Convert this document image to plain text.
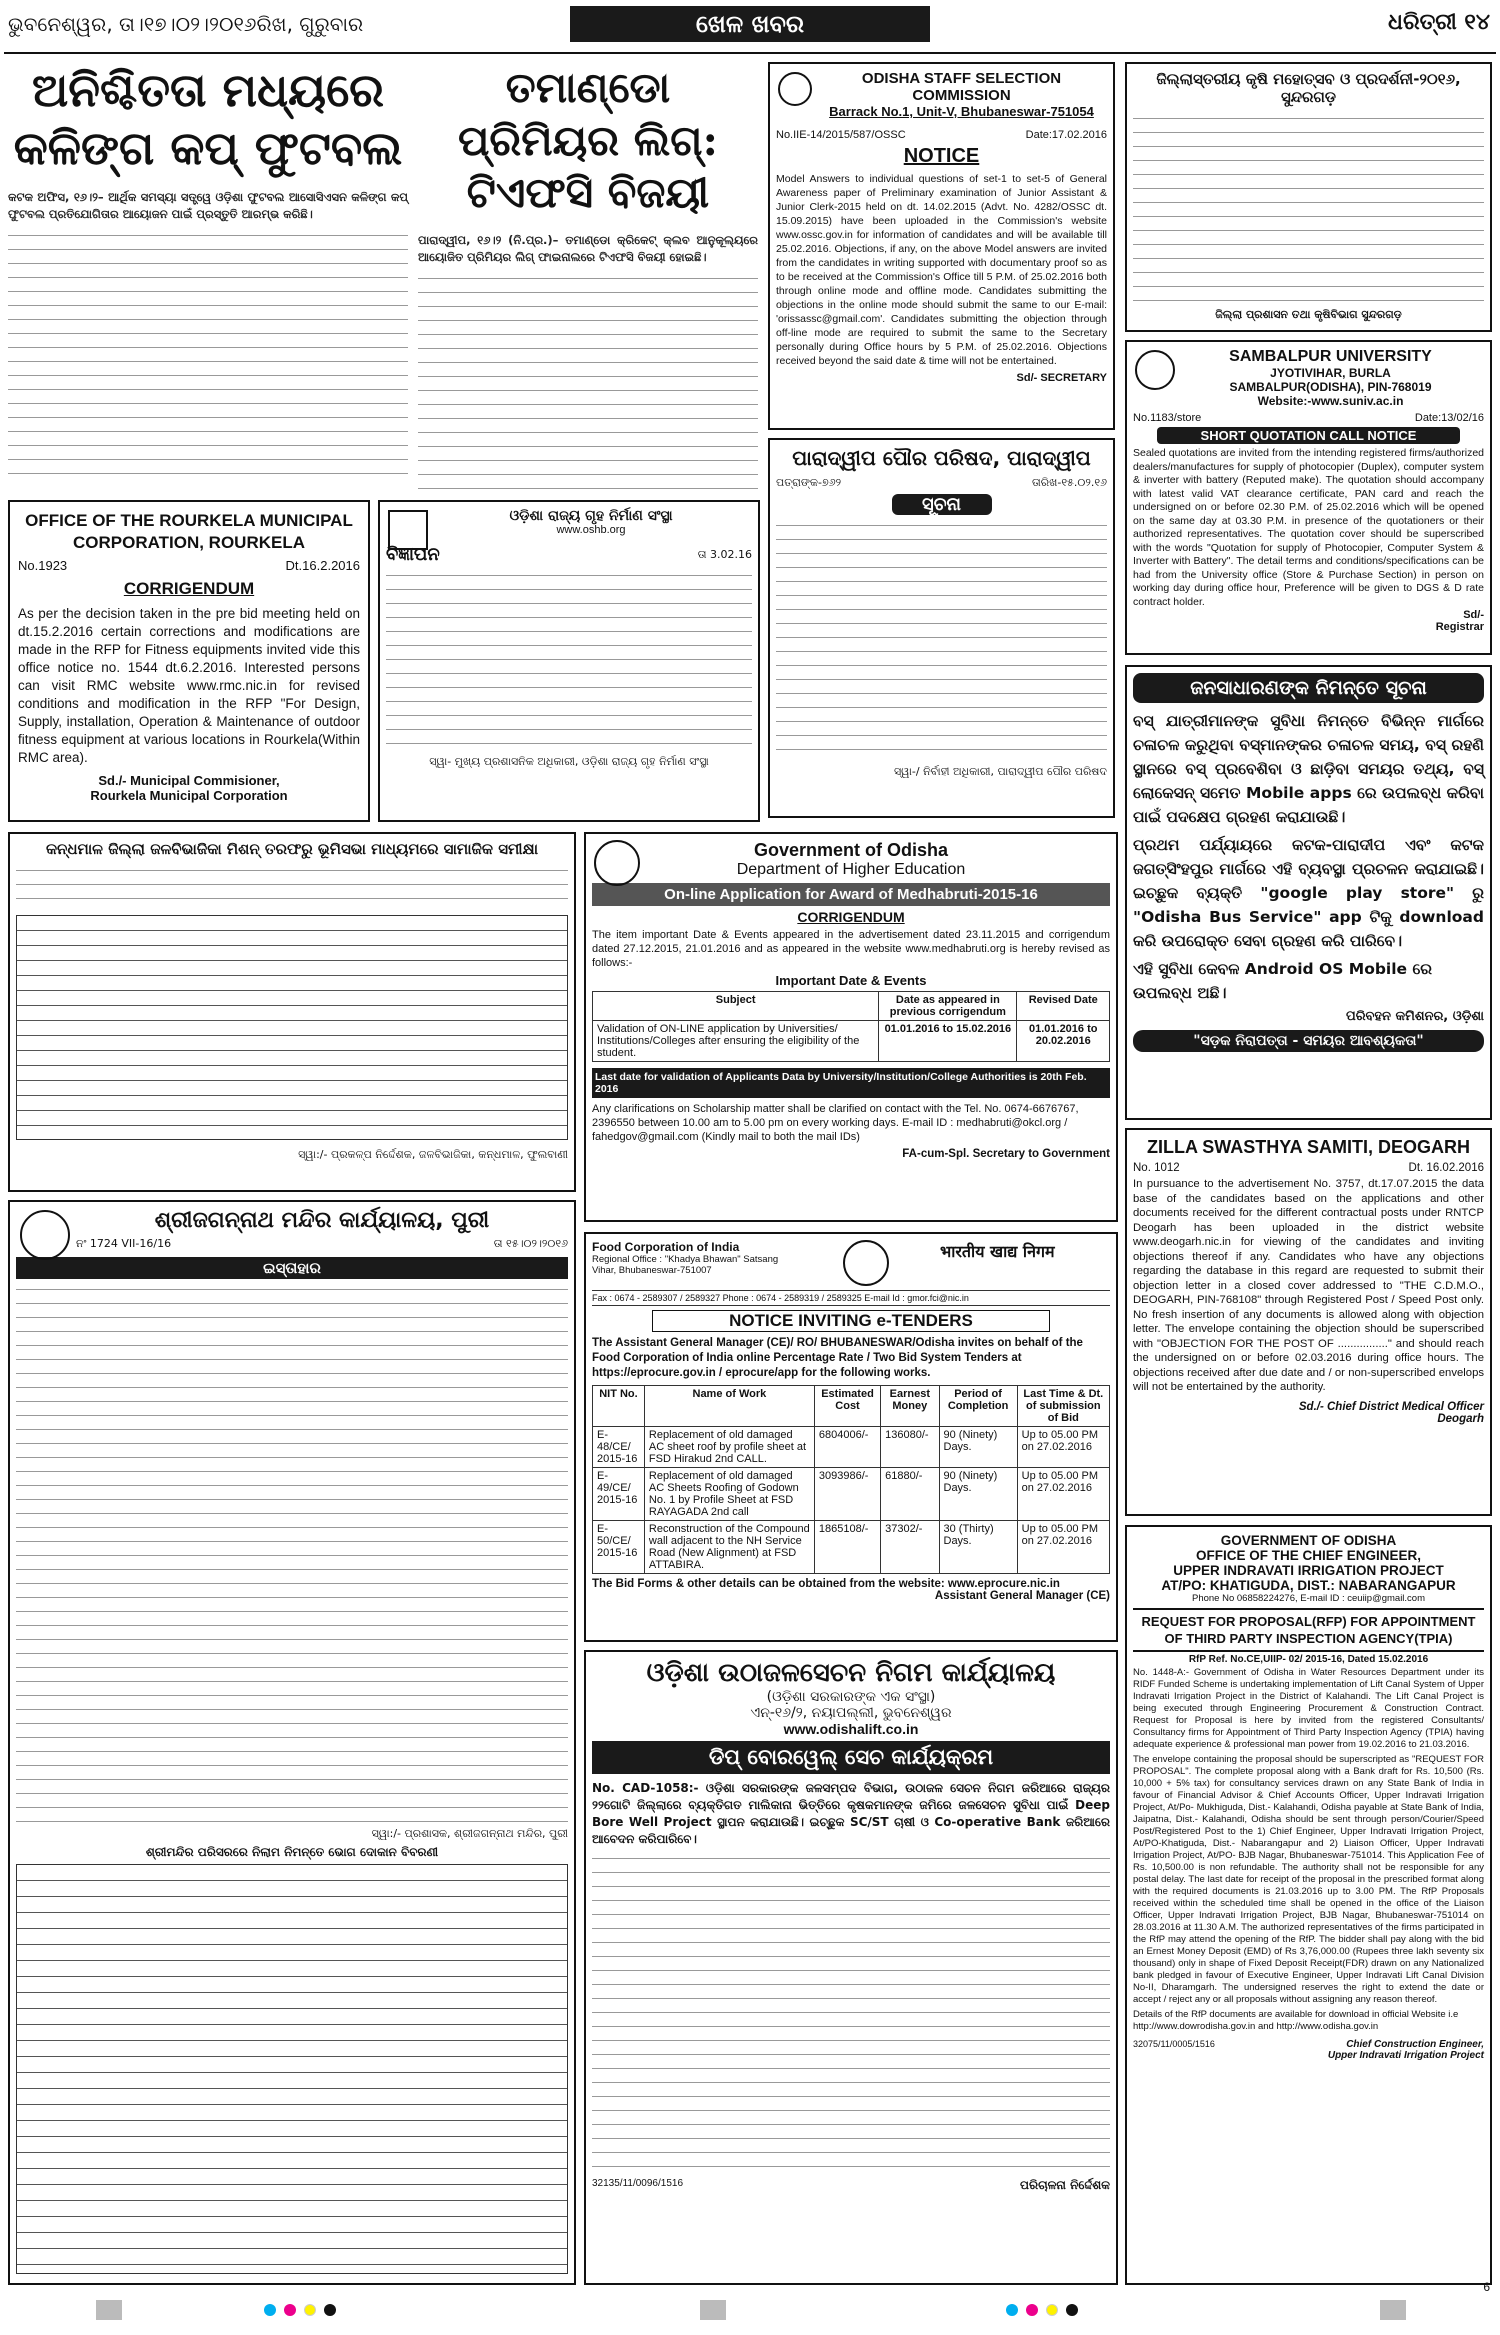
ଭୁବନେଶ୍ୱର, ତା।୧୭।୦୨।୨୦୧୬ରିଖ, ଗୁରୁବାର	ଖେଳ ଖବର	ଧରିତ୍ରୀ ୧୪
ଅନିଶ୍ଚିତତା ମଧ୍ୟରେ କଳିଙ୍ଗ କପ୍ ଫୁଟବଲ
କଟକ ଅଫିସ, ୧୬।୨– ଆର୍ଥିକ ସମସ୍ୟା ସତ୍ତ୍ୱେ ଓଡ଼ିଶା ଫୁଟବଲ ଆସୋସିଏସନ କଳିଙ୍ଗ କପ୍ ଫୁଟବଲ ପ୍ରତିଯୋଗିତାର ଆୟୋଜନ ପାଇଁ ପ୍ରସ୍ତୁତି ଆରମ୍ଭ କରିଛି।
ତମାଣ୍ଡୋ ପ୍ରିମିୟର ଲିଗ୍: ଟିଏଫସି ବିଜୟୀ
ପାରାଦ୍ୱୀପ, ୧୬।୨ (ନି.ପ୍ର.)– ତମାଣ୍ଡୋ କ୍ରିକେଟ୍ କ୍ଲବ ଆନୁକୂଲ୍ୟରେ ଆୟୋଜିତ ପ୍ରିମିୟର ଲିଗ୍ ଫାଇନାଲରେ ଟିଏଫସି ବିଜୟୀ ହୋଇଛି।
ODISHA STAFF SELECTION COMMISSION
Barrack No.1, Unit-V, Bhubaneswar-751054
No.IIE-14/2015/587/OSSC	Date:17.02.2016
NOTICE
Model Answers to individual questions of set-1 to set-5 of General Awareness paper of Preliminary examination of Junior Assistant & Junior Clerk-2015 held on dt. 14.02.2015 (Advt. No. 4282/OSSC dt. 15.09.2015) have been uploaded in the Commission's website www.ossc.gov.in for information of candidates and will be available till 25.02.2016. Objections, if any, on the above Model answers are invited from the candidates in writing supported with documentary proof so as to be received at the Commission's Office till 5 P.M. of 25.02.2016 both through online mode and offline mode. Candidates submitting the objections in the online mode should submit the same to our E-mail: 'orissassc@gmail.com'. Candidates submitting the objection through off-line mode are required to submit the same to the Secretary personally during Office hours by 5 P.M. of 25.02.2016. Objections received beyond the said date & time will not be entertained.
Sd/- SECRETARY
ଜିଲ୍ଲାସ୍ତରୀୟ କୃଷି ମହୋତ୍ସବ ଓ ପ୍ରଦର୍ଶନୀ-୨୦୧୬, ସୁନ୍ଦରଗଡ଼
ଜିଲ୍ଲା ପ୍ରଶାସନ ତଥା କୃଷିବିଭାଗ ସୁନ୍ଦରଗଡ଼
SAMBALPUR UNIVERSITY
JYOTIVIHAR, BURLA
SAMBALPUR(ODISHA), PIN-768019
Website:-www.suniv.ac.in
No.1183/store	Date:13/02/16
SHORT QUOTATION CALL NOTICE
Sealed quotations are invited from the intending registered firms/authorized dealers/manufactures for supply of photocopier (Duplex), computer system & inverter with battery (Reputed make). The quotation should accompany with latest valid VAT clearance certificate, PAN card and reach the undersigned on or before 02.30 P.M. of 25.02.2016 which will be opened on the same day at 03.30 P.M. in presence of the quotationers or their authorized representatives. The quotation cover should be superscribed with the words "Quotation for supply of Photocopier, Computer System & Inverter with Battery". The detail terms and conditions/specifications can be had from the University office (Store & Purchase Section) in person on working day during office hour, Preference will be given to DGS & D rate contract holder.
Sd/-
Registrar
ପାରାଦ୍ୱୀପ ପୌର ପରିଷଦ, ପାରାଦ୍ୱୀପ
ପତ୍ରାଙ୍କ-୭୬୨	ତାରିଖ-୧୫.୦୨.୧୬
ସୂଚନା
ସ୍ୱା-/ ନିର୍ବାହୀ ଅଧିକାରୀ, ପାରାଦ୍ୱୀପ ପୌର ପରିଷଦ
OFFICE OF THE ROURKELA MUNICIPAL CORPORATION, ROURKELA
No.1923	Dt.16.2.2016
CORRIGENDUM
As per the decision taken in the pre bid meeting held on dt.15.2.2016 certain corrections and modifications are made in the RFP for Fitness equipments invited vide this office notice no. 1544 dt.6.2.2016. Interested persons can visit RMC website www.rmc.nic.in for revised conditions and modification in the RFP "For Design, Supply, installation, Operation & Maintenance of outdoor fitness equipment at various locations in Rourkela(Within RMC area).
Sd./- Municipal Commisioner,
Rourkela Municipal Corporation
ଓଡ଼ିଶା ରାଜ୍ୟ ଗୃହ ନିର୍ମାଣ ସଂସ୍ଥା
www.oshb.org
ବିଜ୍ଞାପନ	ତା 3.02.16
ସ୍ୱା- ମୁଖ୍ୟ ପ୍ରଶାସନିକ ଅଧିକାରୀ, ଓଡ଼ିଶା ରାଜ୍ୟ ଗୃହ ନିର୍ମାଣ ସଂସ୍ଥା
ଜନସାଧାରଣଙ୍କ ନିମନ୍ତେ ସୂଚନା
ବସ୍ ଯାତ୍ରୀମାନଙ୍କ ସୁବିଧା ନିମନ୍ତେ ବିଭିନ୍ନ ମାର୍ଗରେ ଚଳାଚଳ କରୁଥିବା ବସ୍‌ମାନଙ୍କର ଚଳାଚଳ ସମୟ, ବସ୍ ରହଣି ସ୍ଥାନରେ ବସ୍ ପ୍ରବେଶିବା ଓ ଛାଡ଼ିବା ସମୟର ତଥ୍ୟ, ବସ୍ ଲୋକେସନ୍ ସମେତ Mobile apps ରେ ଉପଲବ୍ଧ କରିବା ପାଇଁ ପଦକ୍ଷେପ ଗ୍ରହଣ କରାଯାଉଛି।
ପ୍ରଥମ ପର୍ଯ୍ୟାୟରେ କଟକ-ପାରାଦୀପ ଏବଂ କଟକ ଜଗତ୍‌ସିଂହପୁର ମାର୍ଗରେ ଏହି ବ୍ୟବସ୍ଥା ପ୍ରଚଳନ କରାଯାଇଛି। ଇଚ୍ଛୁକ ବ୍ୟକ୍ତି "google play store" ରୁ "Odisha Bus Service" app ଟିକୁ download କରି ଉପରୋକ୍ତ ସେବା ଗ୍ରହଣ କରି ପାରିବେ।
ଏହି ସୁବିଧା କେବଳ Android OS Mobile ରେ ଉପଲବ୍ଧ ଅଛି।
ପରିବହନ କମିଶନର, ଓଡ଼ିଶା
"ସଡ଼କ ନିରାପତ୍ତା - ସମୟର ଆବଶ୍ୟକତା"
କନ୍ଧମାଳ ଜିଲ୍ଲା ଜଳବିଭାଜିକା ମିଶନ୍ ତରଫରୁ ଭୂମିସଭା ମାଧ୍ୟମରେ ସାମାଜିକ ସମୀକ୍ଷା
ସ୍ୱା:/- ପ୍ରକଳ୍ପ ନିର୍ଦ୍ଦେଶକ, ଜଳବିଭାଜିକା, କନ୍ଧମାଳ, ଫୁଲବାଣୀ
Government of Odisha
Department of Higher Education
On-line Application for Award of Medhabruti-2015-16
CORRIGENDUM
The item important Date & Events appeared in the advertisement dated 23.11.2015 and corrigendum dated 27.12.2015, 21.01.2016 and as appeared in the website www.medhabruti.org is hereby revised as follows:-
Important Date & Events
Subject	Date as appeared in previous corrigendum	Revised Date
Validation of ON-LINE application by Universities/ Institutions/Colleges after ensuring the eligibility of the student.	01.01.2016 to 15.02.2016	01.01.2016 to 20.02.2016
Last date for validation of Applicants Data by University/Institution/College Authorities is 20th Feb. 2016
Any clarifications on Scholarship matter shall be clarified on contact with the Tel. No. 0674-6676767, 2396550 between 10.00 am to 5.00 pm on every working days. E-mail ID : medhabruti@okcl.org / fahedgov@gmail.com (Kindly mail to both the mail IDs)
FA-cum-Spl. Secretary to Government	ZILLA SWASTHYA SAMITI, DEOGARH
No. 1012	Dt. 16.02.2016
In pursuance to the advertisement No. 3757, dt.17.07.2015 the data base of the candidates based on the applications and other documents received for the different contractual posts under RNTCP Deogarh has been uploaded in the district website www.deogarh.nic.in for viewing of the candidates and inviting objections thereof if any. Candidates who have any objections regarding the database in this regard are requested to submit their objection letter in a closed cover addressed to "THE C.D.M.O., DEOGARH, PIN-768108" through Registered Post / Speed Post only. No fresh insertion of any documents is allowed along with objection letter. The envelope containing the objection should be superscribed with "OBJECTION FOR THE POST OF ................" and should reach the undersigned on or before 02.03.2016 during office hours. The objections received after due date and / or non-superscribed envelops will not be entertained by the authority.
Sd./- Chief District Medical Officer
Deogarh
ଶ୍ରୀଜଗନ୍ନାଥ ମନ୍ଦିର କାର୍ଯ୍ୟାଳୟ, ପୁରୀ
ନଂ 1724 VII-16/16	ତା ୧୫।୦୨।୨୦୧୬
ଇସ୍ତାହାର
ସ୍ୱା:/- ପ୍ରଶାସକ, ଶ୍ରୀଜଗନ୍ନାଥ ମନ୍ଦିର, ପୁରୀ
ଶ୍ରୀମନ୍ଦିର ପରିସରରେ ନିଲାମ ନିମନ୍ତେ ଭୋଗ ଦୋକାନ ବିବରଣୀ
Food Corporation of India
Regional Office : "Khadya Bhawan" Satsang Vihar, Bhubaneswar-751007
भारतीय खाद्य निगम
Fax : 0674 - 2589307 / 2589327 Phone : 0674 - 2589319 / 2589325 E-mail Id : gmor.fci@nic.in
NOTICE INVITING e-TENDERS
The Assistant General Manager (CE)/ RO/ BHUBANESWAR/Odisha invites on behalf of the Food Corporation of India online Percentage Rate / Two Bid System Tenders at https://eprocure.gov.in / eprocure/app for the following works.
NIT No.	Name of Work	Estimated Cost	Earnest Money	Period of Completion	Last Time & Dt. of submission of Bid
E-48/CE/ 2015-16	Replacement of old damaged AC sheet roof by profile sheet at FSD Hirakud 2nd CALL.	6804006/-	136080/-	90 (Ninety) Days.	Up to 05.00 PM on 27.02.2016
E-49/CE/ 2015-16	Replacement of old damaged AC Sheets Roofing of Godown No. 1 by Profile Sheet at FSD RAYAGADA 2nd call	3093986/-	61880/-	90 (Ninety) Days.	Up to 05.00 PM on 27.02.2016
E-50/CE/ 2015-16	Reconstruction of the Compound wall adjacent to the NH Service Road (New Alignment) at FSD ATTABIRA.	1865108/-	37302/-	30 (Thirty) Days.	Up to 05.00 PM on 27.02.2016
The Bid Forms & other details can be obtained from the website: www.eprocure.nic.in
Assistant General Manager (CE)
ଓଡ଼ିଶା ଉଠାଜଳସେଚନ ନିଗମ କାର୍ଯ୍ୟାଳୟ
(ଓଡ଼ିଶା ସରକାରଙ୍କ ଏକ ସଂସ୍ଥା)
ଏନ୍-୧୬/୨, ନୟାପଲ୍ଲୀ, ଭୁବନେଶ୍ୱର
www.odishalift.co.in
ଡିପ୍ ବୋରୱେଲ୍ ସେଚ କାର୍ଯ୍ୟକ୍ରମ
No. CAD-1058:- ଓଡ଼ିଶା ସରକାରଙ୍କ ଜଳସମ୍ପଦ ବିଭାଗ, ଉଠାଜଳ ସେଚନ ନିଗମ ଜରିଆରେ ରାଜ୍ୟର ୨୨ଗୋଟି ଜିଲ୍ଲାରେ ବ୍ୟକ୍ତିଗତ ମାଲିକାନା ଭିତ୍ତିରେ କୃଷକମାନଙ୍କ ଜମିରେ ଜଳସେଚନ ସୁବିଧା ପାଇଁ Deep Bore Well Project ସ୍ଥାପନ କରାଯାଉଛି। ଇଚ୍ଛୁକ SC/ST ଚାଷୀ ଓ Co-operative Bank ଜରିଆରେ ଆବେଦନ କରିପାରିବେ।
32135/11/0096/1516	ପରିଚାଳନା ନିର୍ଦ୍ଦେଶକ
GOVERNMENT OF ODISHA
OFFICE OF THE CHIEF ENGINEER,
UPPER INDRAVATI IRRIGATION PROJECT
AT/PO: KHATIGUDA, DIST.: NABARANGAPUR
Phone No 06858224276, E-mail ID : ceuiip@gmail.com
REQUEST FOR PROPOSAL(RFP) FOR APPOINTMENT OF THIRD PARTY INSPECTION AGENCY(TPIA)
RfP Ref. No.CE,UIIP- 02/ 2015-16, Dated 15.02.2016
No. 1448-A:- Government of Odisha in Water Resources Department under its RIDF Funded Scheme is undertaking implementation of Lift Canal System of Upper Indravati Irrigation Project in the District of Kalahandi. The Lift Canal Project is being executed through Engineering Procurement & Construction Contract. Request for Proposal is here by invited from the registered Consultants/ Consultancy firms for Appointment of Third Party Inspection Agency (TPIA) having adequate experience & professional man power from 19.02.2016 to 21.03.2016.
The envelope containing the proposal should be superscripted as "REQUEST FOR PROPOSAL". The complete proposal along with a Bank draft for Rs. 10,500 (Rs. 10,000 + 5% tax) for consultancy services drawn on any State Bank of India in favour of Financial Advisor & Chief Accounts Officer, Upper Indravati Irrigation Project, At/Po- Mukhiguda, Dist.- Kalahandi, Odisha payable at State Bank of India, Jaipatna, Dist.- Kalahandi, Odisha should be sent through person/Courier/Speed Post/Registered Post to the 1) Chief Engineer, Upper Indravati Irrigation Project, At/PO-Khatiguda, Dist.- Nabarangapur and 2) Liaison Officer, Upper Indravati Irrigation Project, At/PO- BJB Nagar, Bhubaneswar-751014. This Application Fee of Rs. 10,500.00 is non refundable. The authority shall not be responsible for any postal delay. The last date for receipt of the proposal in the prescribed format along with the required documents is 21.03.2016 up to 3.00 PM. The RfP Proposals received within the scheduled time shall be opened in the office of the Liaison Officer, Upper Indravati Irrigation Project, BJB Nagar, Bhubaneswar-751014 on 28.03.2016 at 11.30 A.M. The authorized representatives of the firms participated in the RfP may attend the opening of the RfP. The bidder shall pay along with the bid an Ernest Money Deposit (EMD) of Rs 3,76,000.00 (Rupees three lakh seventy six thousand) only in shape of Fixed Deposit Receipt(FDR) drawn on any Nationalized bank pledged in favour of Executive Engineer, Upper Indravati Lift Canal Division No-II, Dharamgarh. The undersigned reserves the right to extend the date or accept / reject any or all proposals without assigning any reason thereof.
Details of the RfP documents are available for download in official Website i.e http://www.dowrodisha.gov.in and http://www.odisha.gov.in
32075/11/0005/1516	Chief Construction Engineer,
Upper Indravati Irrigation Project
6
